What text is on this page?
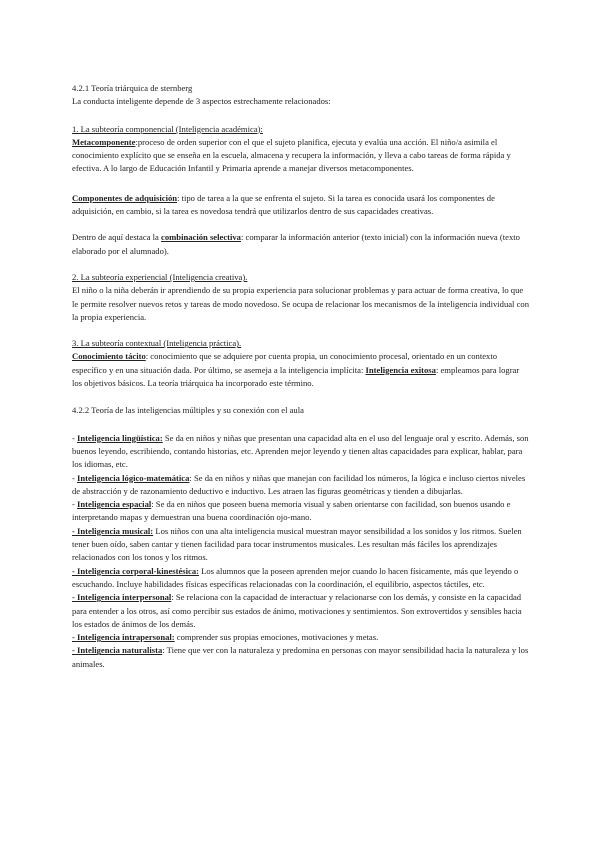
4.2.1 Teoría triárquica de sternberg

La conducta inteligente depende de 3 aspectos estrechamente relacionados:

1. La subteoría componencial (Inteligencia académica):

Metacomponente:proceso de orden superior con el que el sujeto planifica, ejecuta y evalúa una acción. El niño/a asimila el conocimiento explícito que se enseña en la escuela, almacena y recupera la información, y lleva a cabo tareas de forma rápida y efectiva. A lo largo de Educación Infantil y Primaria aprende a manejar diversos metacomponentes.

Componentes de adquisición: tipo de tarea a la que se enfrenta el sujeto. Si la tarea es conocida usará los componentes de adquisición, en cambio, si la tarea es novedosa tendrá que utilizarlos dentro de sus capacidades creativas.

Dentro de aquí destaca la combinación selectiva: comparar la información anterior (texto inicial) con la información nueva (texto elaborado por el alumnado).

2. La subteoría experiencial (Inteligencia creativa).

El niño o la niña deberán ir aprendiendo de su propia experiencia para solucionar problemas y para actuar de forma creativa, lo que le permite resolver nuevos retos y tareas de modo novedoso. Se ocupa de relacionar los mecanismos de la inteligencia individual con la propia experiencia.

3. La subteoría contextual (Inteligencia práctica).

Conocimiento tácito: conocimiento que se adquiere por cuenta propia, un conocimiento procesal, orientado en un contexto específico y en una situación dada. Por último, se asemeja a la inteligencia implícita: Inteligencia exitosa: empleamos para lograr los objetivos básicos. La teoría triárquica ha incorporado este término.

4.2.2 Teoría de las inteligencias múltiples y su conexión con el aula

- Inteligencia lingüística: Se da en niños y niñas que presentan una capacidad alta en el uso del lenguaje oral y escrito. Además, son buenos leyendo, escribiendo, contando historias, etc. Aprenden mejor leyendo y tienen altas capacidades para explicar, hablar, para los idiomas, etc.

- Inteligencia lógico-matemática: Se da en niños y niñas que manejan con facilidad los números, la lógica e incluso ciertos niveles de abstracción y de razonamiento deductivo e inductivo. Les atraen las figuras geométricas y tienden a dibujarlas.

- Inteligencia espacial: Se da en niños que poseen buena memoria visual y saben orientarse con facilidad, son buenos usando e interpretando mapas y demuestran una buena coordinación ojo-mano.

- Inteligencia musical: Los niños con una alta inteligencia musical muestran mayor sensibilidad a los sonidos y los ritmos. Suelen tener buen oído, saben cantar y tienen facilidad para tocar instrumentos musicales. Les resultan más fáciles los aprendizajes relacionados con los tonos y los ritmos.

- Inteligencia corporal-kinestésica: Los alumnos que la poseen aprenden mejor cuando lo hacen físicamente, más que leyendo o escuchando. Incluye habilidades físicas específicas relacionadas con la coordinación, el equilibrio, aspectos táctiles, etc.

- Inteligencia interpersonal: Se relaciona con la capacidad de interactuar y relacionarse con los demás, y consiste en la capacidad para entender a los otros, así como percibir sus estados de ánimo, motivaciones y sentimientos. Son extrovertidos y sensibles hacia los estados de ánimos de los demás.

- Inteligencia intrapersonal: comprender sus propias emociones, motivaciones y metas.

- Inteligencia naturalista: Tiene que ver con la naturaleza y predomina en personas con mayor sensibilidad hacia la naturaleza y los animales.
